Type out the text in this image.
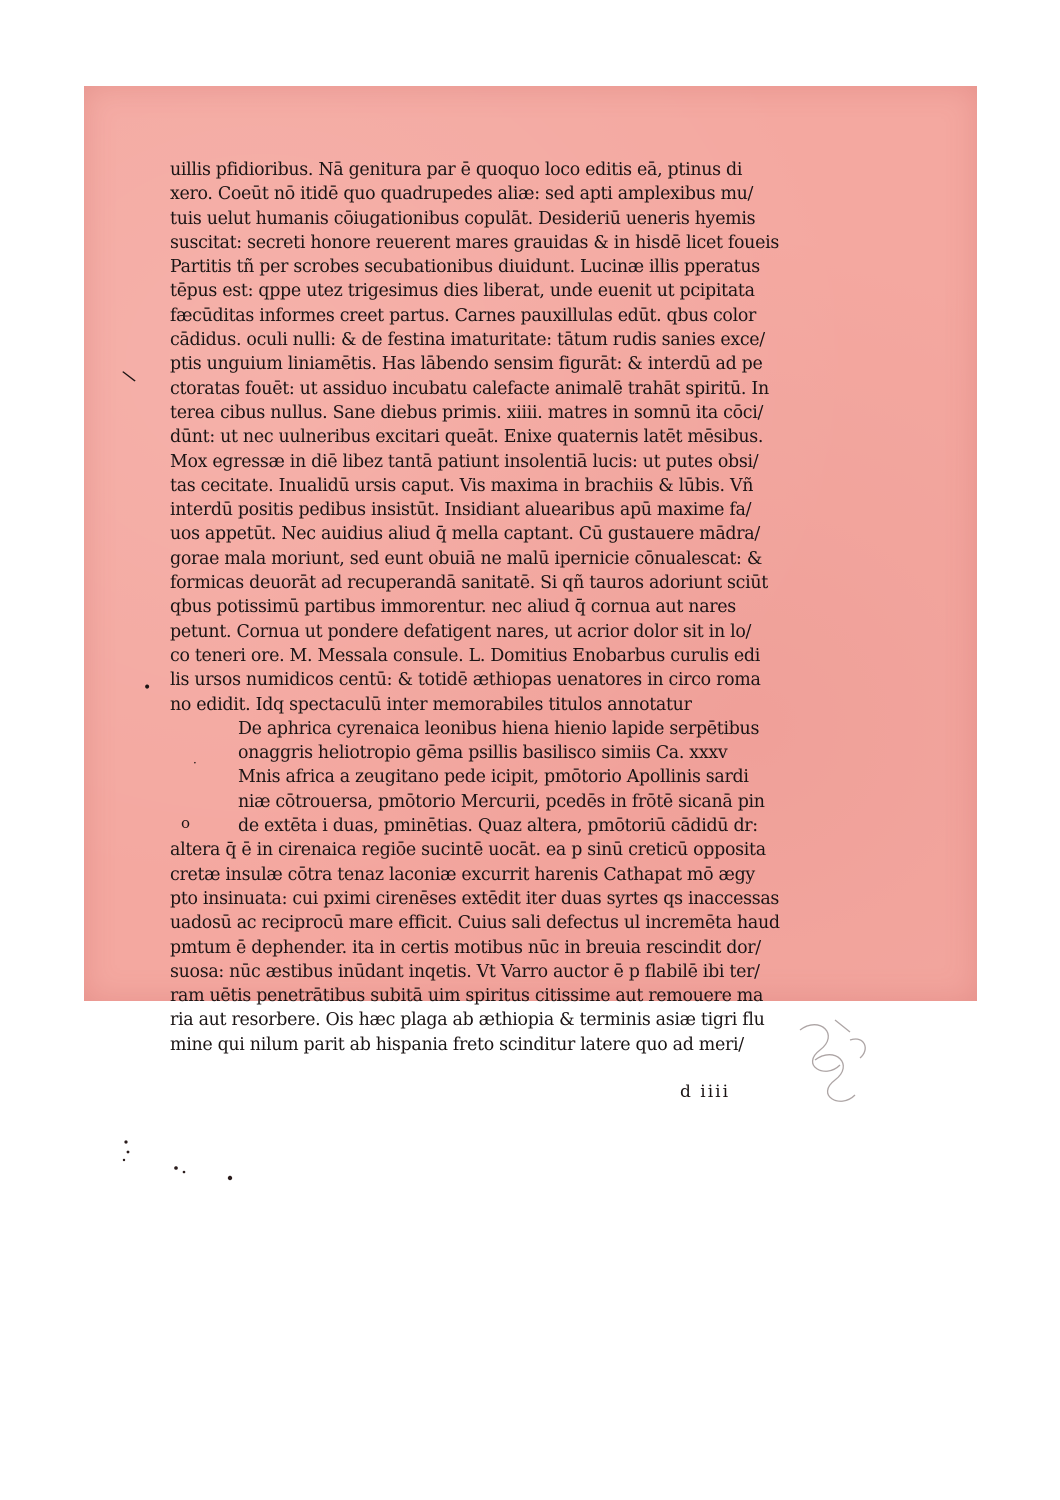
uillis pfidioribus. Nā genitura par ē quoquo loco editis eā, ptinus di
xero. Coeūt nō itidē quo quadrupedes aliæ: sed apti amplexibus mu/
tuis uelut humanis cōiugationibus copulāt. Desideriū ueneris hyemis
suscitat: secreti honore reuerent mares grauidas & in hisdē licet foueis
Partitis tñ per scrobes secubationibus diuidunt. Lucinæ illis pperatus
tēpus est: qppe utez trigesimus dies liberat, unde euenit ut pcipitata
fæcūditas informes creet partus. Carnes pauxillulas edūt. qbus color
cādidus. oculi nulli: & de festina imaturitate: tātum rudis sanies exce/
ptis unguium liniamētis. Has lābendo sensim figurāt: & interdū ad pe
ctoratas fouēt: ut assiduo incubatu calefacte animalē trahāt spiritū. In
terea cibus nullus. Sane diebus primis. xiiii. matres in somnū ita cōci/
dūnt: ut nec uulneribus excitari queāt. Enixe quaternis latēt mēsibus.
Mox egressæ in diē libez tantā patiunt insolentiā lucis: ut putes obsi/
tas cecitate. Inualidū ursis caput. Vis maxima in brachiis & lūbis. Vñ
interdū positis pedibus insistūt. Insidiant aluearibus apū maxime fa/
uos appetūt. Nec auidius aliud q̄ mella captant. Cū gustauere mādra/
gorae mala moriunt, sed eunt obuiā ne malū ipernicie cōnualescat: &
formicas deuorāt ad recuperandā sanitatē. Si qñ tauros adoriunt sciūt
qbus potissimū partibus immorentur. nec aliud q̄ cornua aut nares
petunt. Cornua ut pondere defatigent nares, ut acrior dolor sit in lo/
co teneri ore. M. Messala consule. L. Domitius Enobarbus curulis edi
lis ursos numidicos centū: & totidē æthiopas uenatores in circo roma
no edidit. Idq spectaculū inter memorabiles titulos annotatur
De aphrica cyrenaica leonibus hiena hienio lapide serpētibus
onaggris heliotropio gēma psillis basilisco simiis Ca. xxxv
Mnis africa a zeugitano pede icipit, pmōtorio Apollinis sardi
niæ cōtrouersa, pmōtorio Mercurii, pcedēs in frōtē sicanā pin
de extēta i duas, pminētias. Quaz altera, pmōtoriū cādidū dr:
altera q̄ ē in cirenaica regiōe sucintē uocāt. ea p sinū creticū opposita
cretæ insulæ cōtra tenaz laconiæ excurrit harenis Cathapat mō ægy
pto insinuata: cui pximi cirenēses extēdit iter duas syrtes qs inaccessas
uadosū ac reciprocū mare efficit. Cuius sali defectus ul incremēta haud
pmtum ē dephender. ita in certis motibus nūc in breuia rescindit dor/
suosa: nūc æstibus inūdant inqetis. Vt Varro auctor ē p flabilē ibi ter/
ram uētis penetrātibus subitā uim spiritus citissime aut remouere ma
ria aut resorbere. Ois hæc plaga ab æthiopia & terminis asiæ tigri flu
mine qui nilum parit ab hispania freto scinditur latere quo ad meri/
d iiii
\
•
·
o
